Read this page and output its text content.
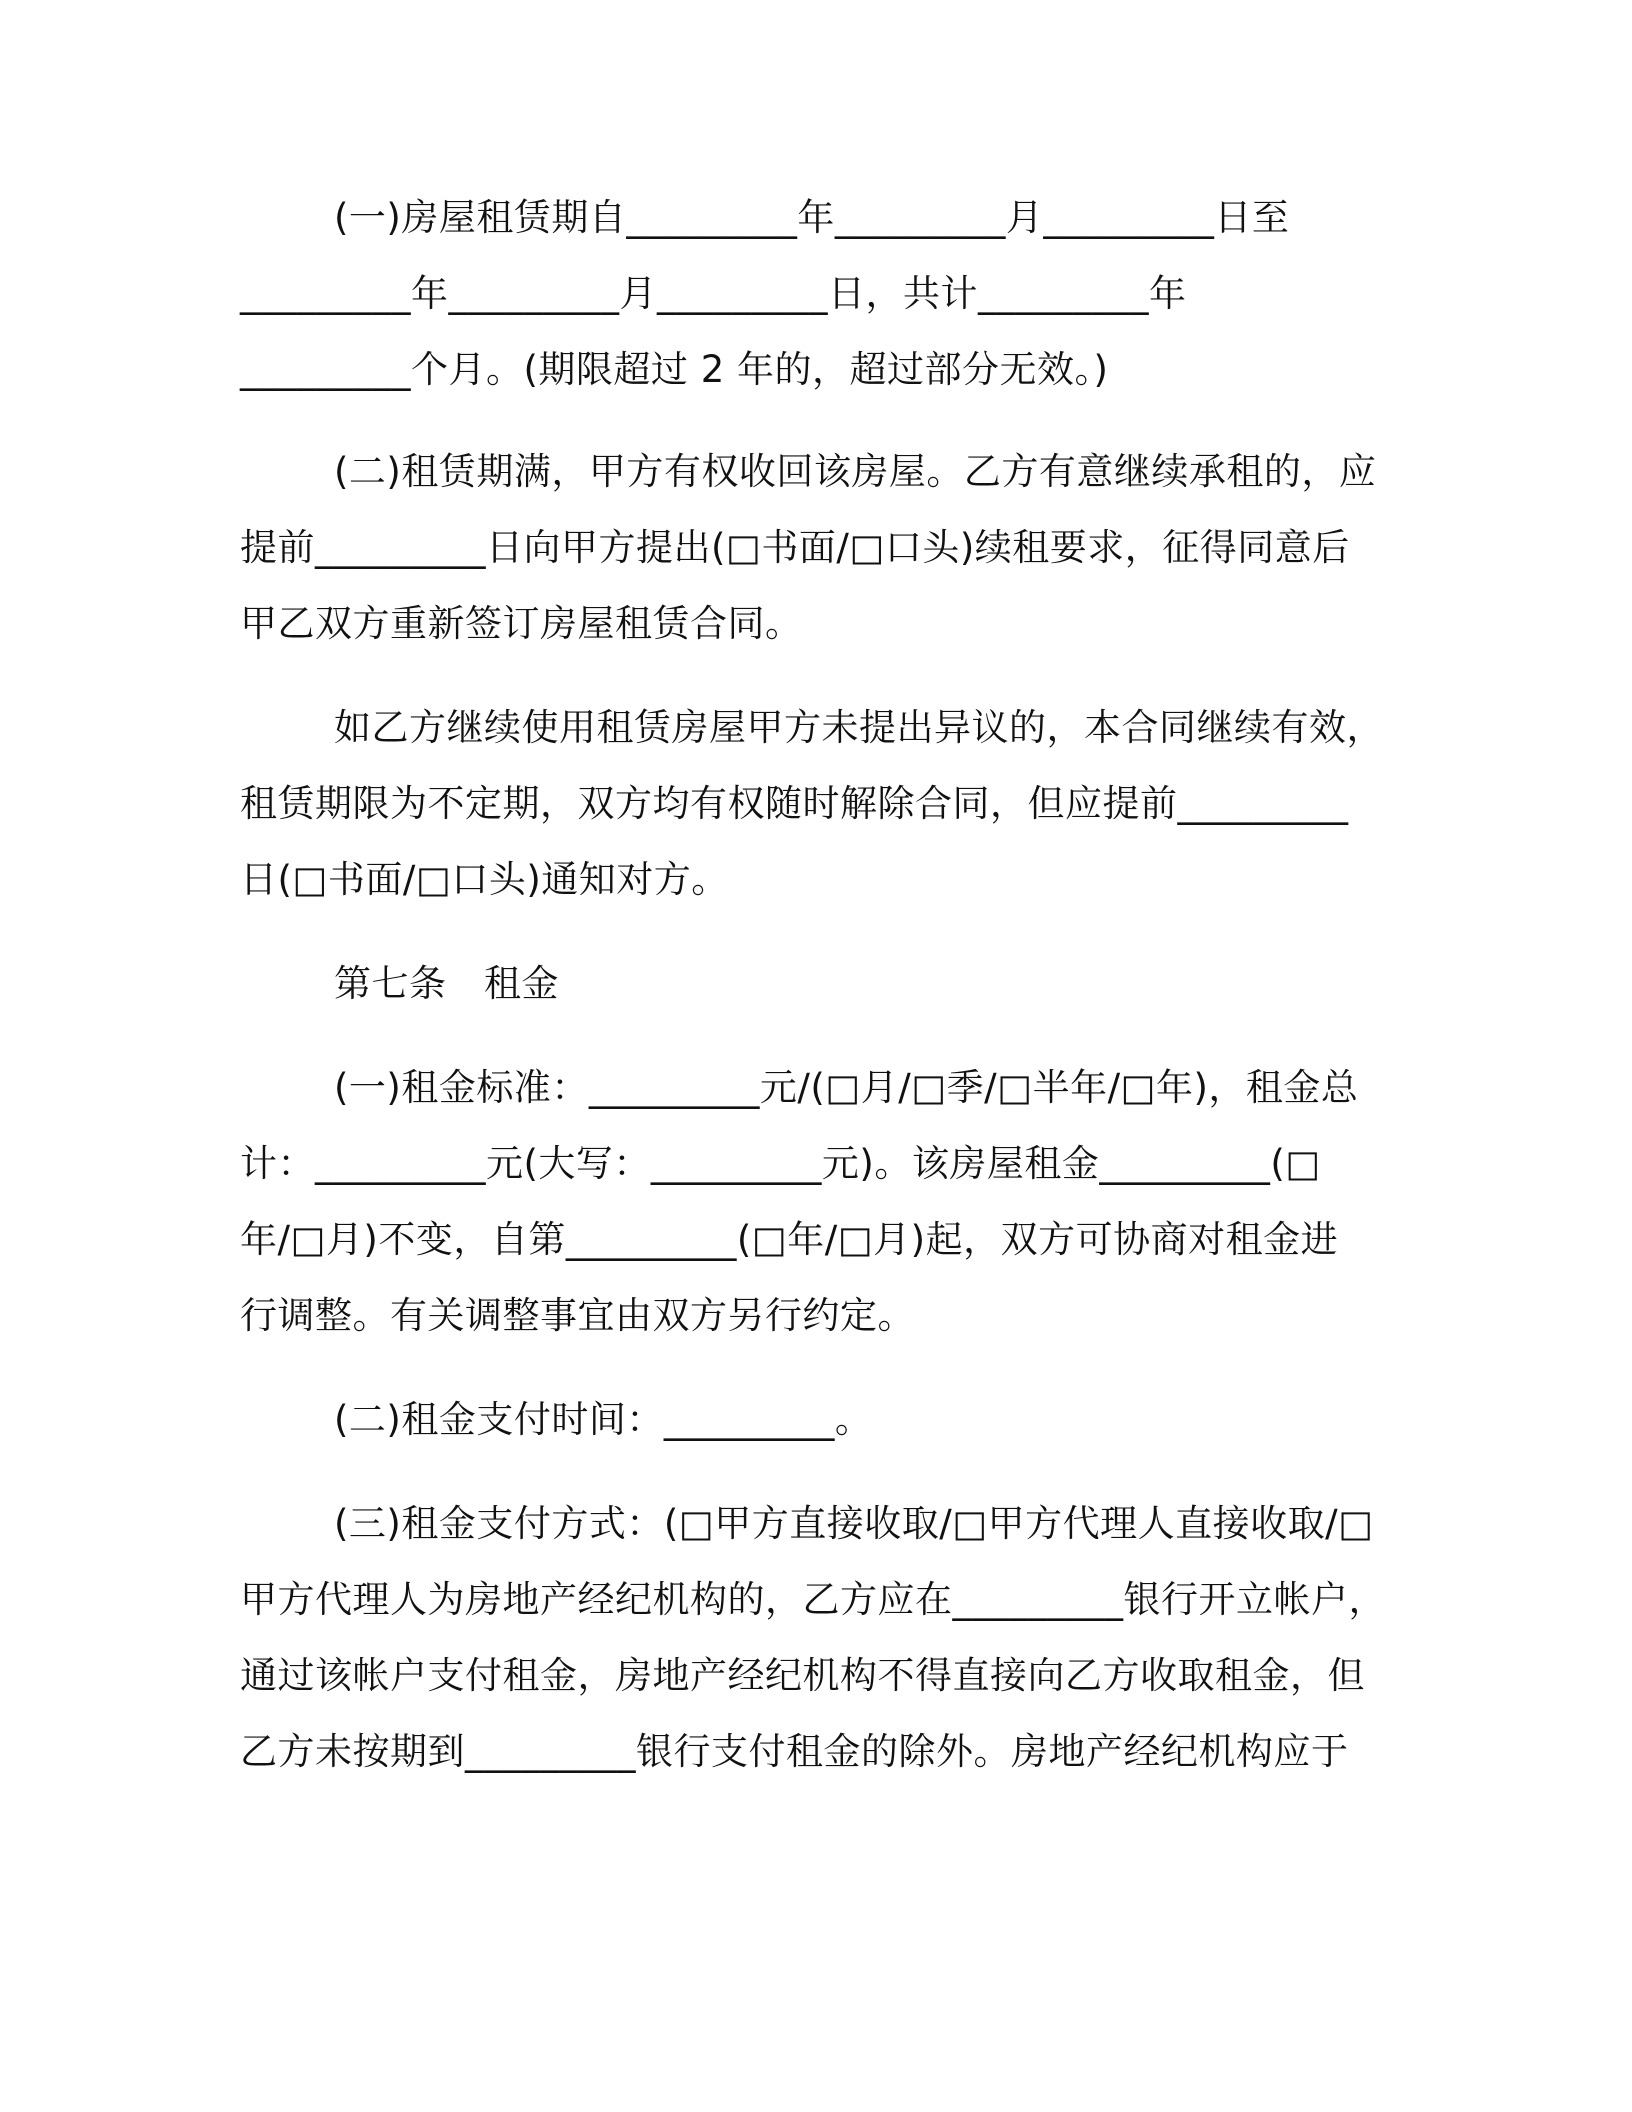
(一)房屋租赁期自_________年_________月_________日至

_________年_________月_________日，共计_________年

_________个月。(期限超过 2 年的，超过部分无效。)

(二)租赁期满，甲方有权收回该房屋。乙方有意继续承租的，应

提前_________日向甲方提出(□书面/□口头)续租要求，征得同意后

甲乙双方重新签订房屋租赁合同。

如乙方继续使用租赁房屋甲方未提出异议的，本合同继续有效，

租赁期限为不定期，双方均有权随时解除合同，但应提前_________

日(□书面/□口头)通知对方。

第七条　租金

(一)租金标准：_________元/(□月/□季/□半年/□年)，租金总

计：_________元(大写：_________元)。该房屋租金_________(□

年/□月)不变，自第_________(□年/□月)起，双方可协商对租金进

行调整。有关调整事宜由双方另行约定。

(二)租金支付时间：_________。

(三)租金支付方式：(□甲方直接收取/□甲方代理人直接收取/□

甲方代理人为房地产经纪机构的，乙方应在_________银行开立帐户，

通过该帐户支付租金，房地产经纪机构不得直接向乙方收取租金，但

乙方未按期到_________银行支付租金的除外。房地产经纪机构应于
